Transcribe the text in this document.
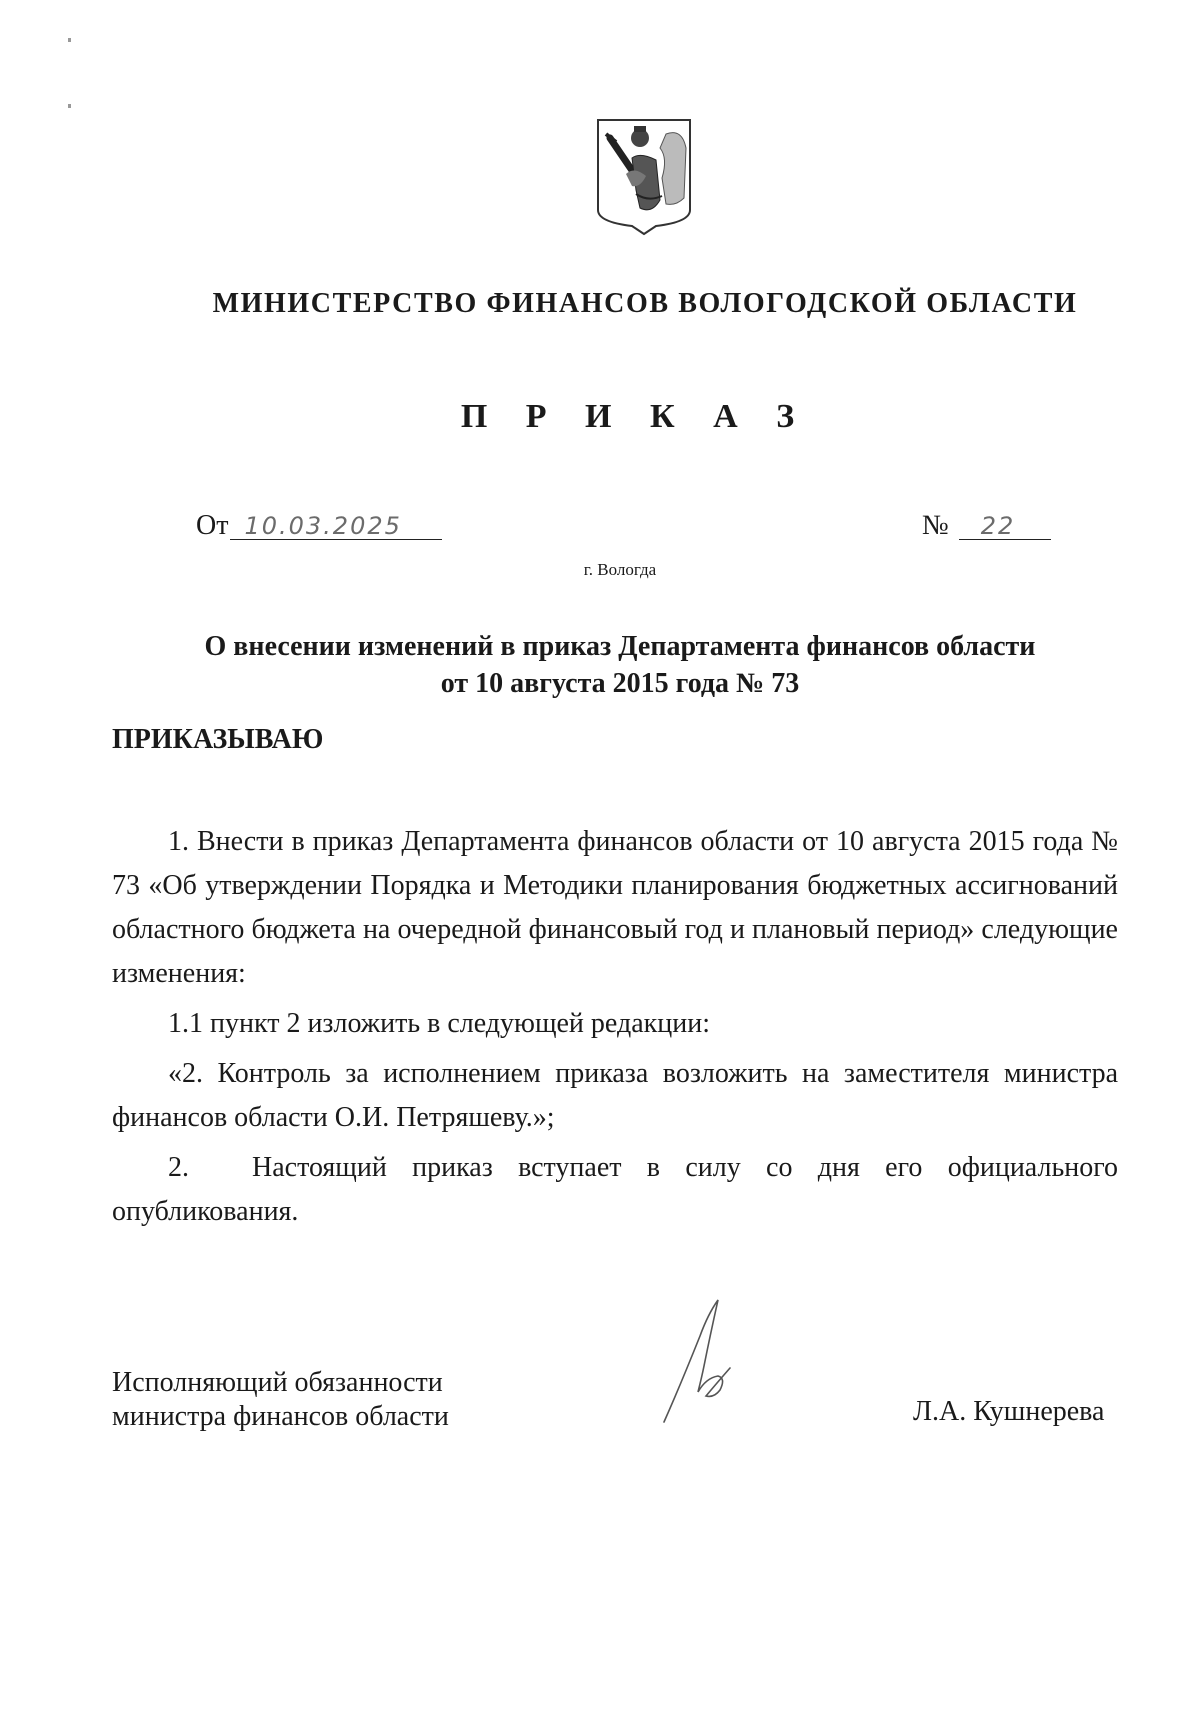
МИНИСТЕРСТВО ФИНАНСОВ ВОЛОГОДСКОЙ ОБЛАСТИ
П Р И К А З
От 10.03.2025	№ 22
г. Вологда
О внесении изменений в приказ Департамента финансов области
от 10 августа 2015 года № 73
ПРИКАЗЫВАЮ

1. Внести в приказ Департамента финансов области от 10 августа 2015 года № 73 «Об утверждении Порядка и Методики планирования бюджетных ассигнований областного бюджета на очередной финансовый год и плановый период» следующие изменения:

1.1 пункт 2 изложить в следующей редакции:

«2. Контроль за исполнением приказа возложить на заместителя министра финансов области О.И. Петряшеву.»;

2. Настоящий приказ вступает в силу со дня его официального опубликования.

Исполняющий обязанности
министра финансов области	Л.А. Кушнерева
